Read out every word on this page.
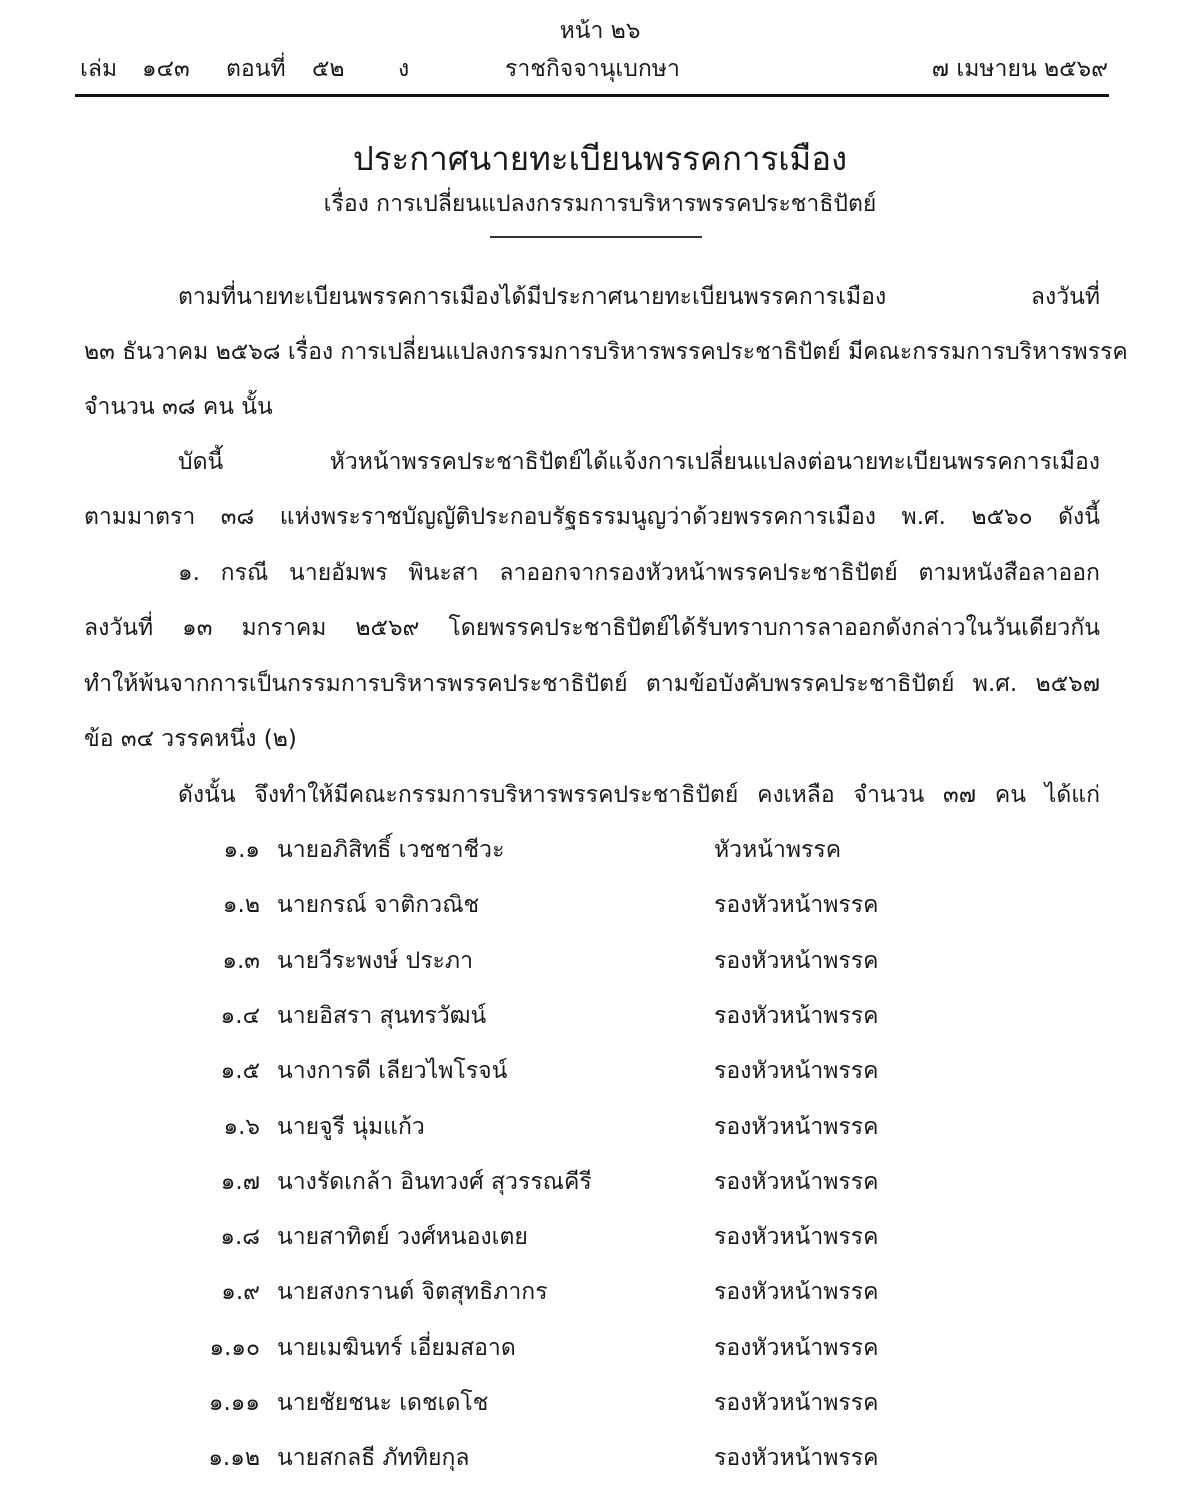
หน้า ๒๖
เล่ม ๑๔๓ ตอนที่ ๕๒ ง	ราชกิจจานุเบกษา	๗ เมษายน ๒๕๖๙
ประกาศนายทะเบียนพรรคการเมือง
เรื่อง การเปลี่ยนแปลงกรรมการบริหารพรรคประชาธิปัตย์
ตามที่นายทะเบียนพรรคการเมืองได้มีประกาศนายทะเบียนพรรคการเมือง ลงวันที่
๒๓ ธันวาคม ๒๕๖๘ เรื่อง การเปลี่ยนแปลงกรรมการบริหารพรรคประชาธิปัตย์ มีคณะกรรมการบริหารพรรค
จำนวน ๓๘ คน นั้น
บัดนี้ หัวหน้าพรรคประชาธิปัตย์ได้แจ้งการเปลี่ยนแปลงต่อนายทะเบียนพรรคการเมือง
ตามมาตรา ๓๘ แห่งพระราชบัญญัติประกอบรัฐธรรมนูญว่าด้วยพรรคการเมือง พ.ศ. ๒๕๖๐ ดังนี้
๑. กรณี นายอัมพร พินะสา ลาออกจากรองหัวหน้าพรรคประชาธิปัตย์ ตามหนังสือลาออก
ลงวันที่ ๑๓ มกราคม ๒๕๖๙ โดยพรรคประชาธิปัตย์ได้รับทราบการลาออกดังกล่าวในวันเดียวกัน
ทำให้พ้นจากการเป็นกรรมการบริหารพรรคประชาธิปัตย์ ตามข้อบังคับพรรคประชาธิปัตย์ พ.ศ. ๒๕๖๗
ข้อ ๓๔ วรรคหนึ่ง (๒)
ดังนั้น จึงทำให้มีคณะกรรมการบริหารพรรคประชาธิปัตย์ คงเหลือ จำนวน ๓๗ คน ได้แก่
๑.๑ นายอภิสิทธิ์ เวชชาชีวะ	หัวหน้าพรรค
๑.๒ นายกรณ์ จาติกวณิช	รองหัวหน้าพรรค
๑.๓ นายวีระพงษ์ ประภา	รองหัวหน้าพรรค
๑.๔ นายอิสรา สุนทรวัฒน์	รองหัวหน้าพรรค
๑.๕ นางการดี เลียวไพโรจน์	รองหัวหน้าพรรค
๑.๖ นายจูรี นุ่มแก้ว	รองหัวหน้าพรรค
๑.๗ นางรัดเกล้า อินทวงศ์ สุวรรณคีรี	รองหัวหน้าพรรค
๑.๘ นายสาทิตย์ วงศ์หนองเตย	รองหัวหน้าพรรค
๑.๙ นายสงกรานต์ จิตสุทธิภากร	รองหัวหน้าพรรค
๑.๑๐ นายเมฆินทร์ เอี่ยมสอาด	รองหัวหน้าพรรค
๑.๑๑ นายชัยชนะ เดชเดโช	รองหัวหน้าพรรค
๑.๑๒ นายสกลธี ภัททิยกุล	รองหัวหน้าพรรค
